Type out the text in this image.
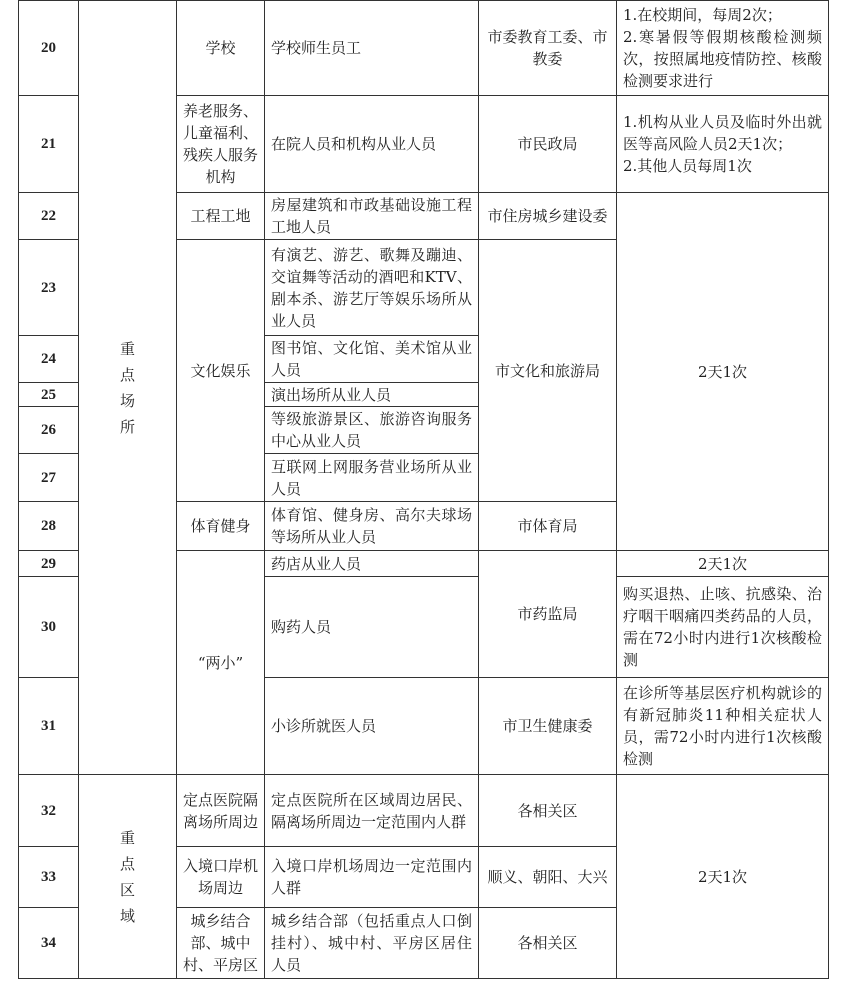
20	重点场所	学校	学校师生员工	市委教育工委、市教委	1.在校期间，每周2次；
2.寒暑假等假期核酸检测频次，按照属地疫情防控、核酸检测要求进行

21		养老服务、儿童福利、残疾人服务机构	在院人员和机构从业人员	市民政局	1.机构从业人员及临时外出就医等高风险人员2天1次；
2.其他人员每周1次

22		工程工地	房屋建筑和市政基础设施工程工地人员	市住房城乡建设委	2天1次
23		文化娱乐	有演艺、游艺、歌舞及蹦迪、交谊舞等活动的酒吧和KTV、剧本杀、游艺厅等娱乐场所从业人员	市文化和旅游局	
24			图书馆、文化馆、美术馆从业人员		
25			演出场所从业人员		
26			等级旅游景区、旅游咨询服务中心从业人员		
27			互联网上网服务营业场所从业人员		
28		体育健身	体育馆、健身房、高尔夫球场等场所从业人员	市体育局	
29		“两小”	药店从业人员	市药监局	2天1次
30			购药人员		购买退热、止咳、抗感染、治疗咽干咽痛四类药品的人员，需在72小时内进行1次核酸检测
31			小诊所就医人员	市卫生健康委	在诊所等基层医疗机构就诊的有新冠肺炎11种相关症状人员，需72小时内进行1次核酸检测
32	重点区域	定点医院隔离场所周边	定点医院所在区域周边居民、隔离场所周边一定范围内人群	各相关区	2天1次
33		入境口岸机场周边	入境口岸机场周边一定范围内人群	顺义、朝阳、大兴	
34		城乡结合部、城中村、平房区	城乡结合部（包括重点人口倒挂村）、城中村、平房区居住人员	各相关区	
